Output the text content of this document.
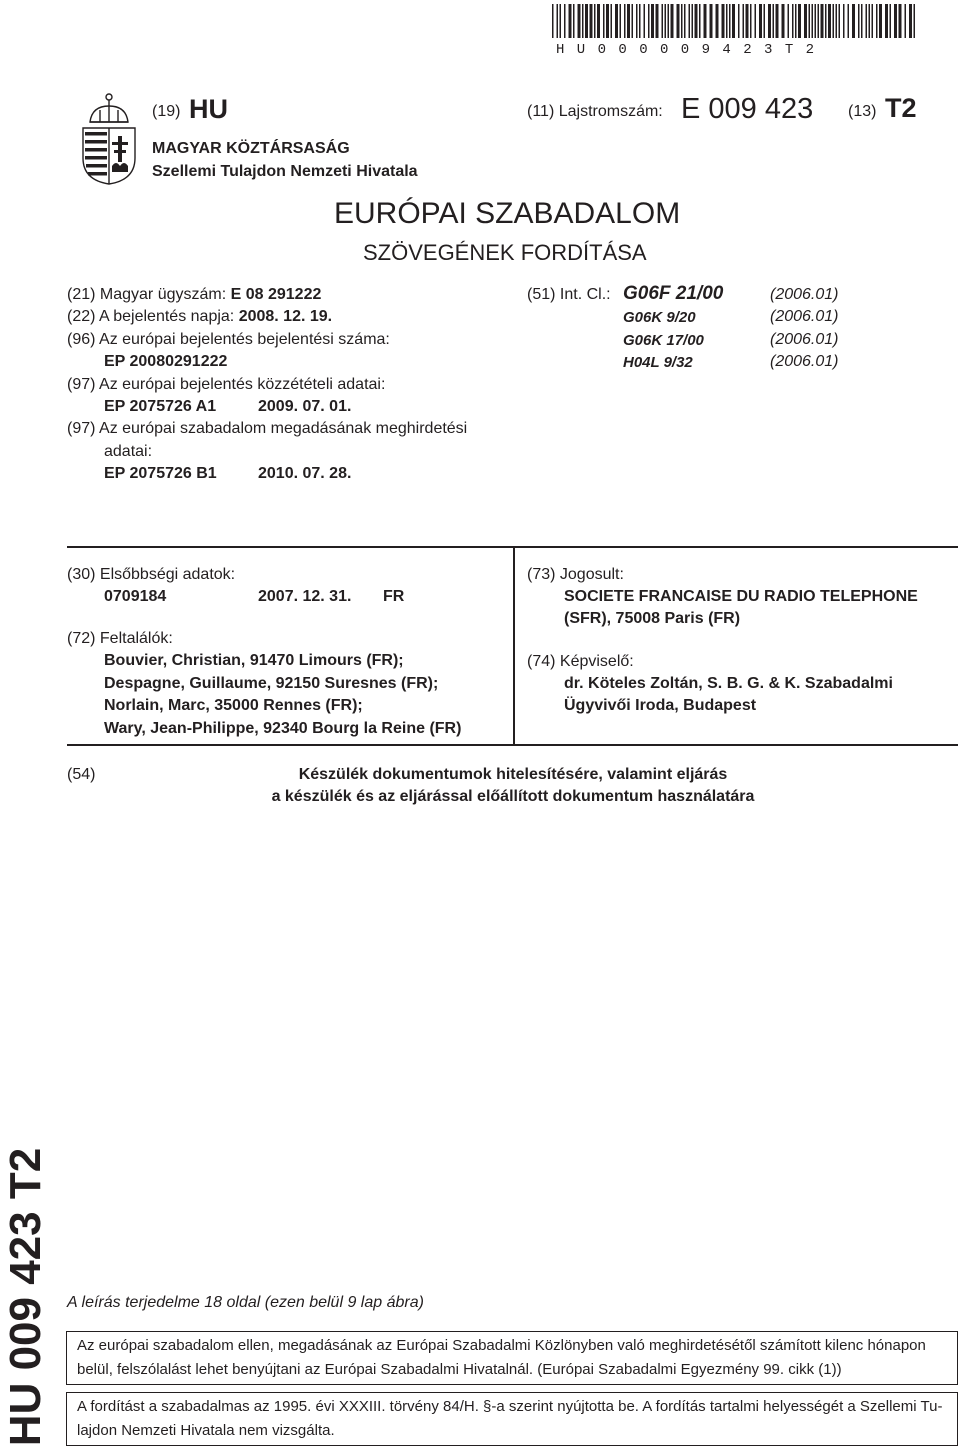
HU000009423T2
(19) HU	(11) Lajstromszám: E 009 423 (13) T2
MAGYAR KÖZTÁRSASÁG
Szellemi Tulajdon Nemzeti Hivatala
EURÓPAI SZABADALOM
SZÖVEGÉNEK FORDÍTÁSA
(21) Magyar ügyszám: E 08 291222
(22) A bejelentés napja: 2008. 12. 19.
(96) Az európai bejelentés bejelentési száma:
EP 20080291222
(97) Az európai bejelentés közzétételi adatai:
EP 2075726 A1	2009. 07. 01.
(97) Az európai szabadalom megadásának meghirdetési
adatai:
EP 2075726 B1	2010. 07. 28.
(51) Int. Cl.: G06F 21/00	(2006.01)
G06K 9/20	(2006.01)
G06K 17/00	(2006.01)
H04L 9/32	(2006.01)
(30) Elsőbbségi adatok:
0709184	2007. 12. 31. FR
(72) Feltalálók:
Bouvier, Christian, 91470 Limours (FR);
Despagne, Guillaume, 92150 Suresnes (FR);
Norlain, Marc, 35000 Rennes (FR);
Wary, Jean-Philippe, 92340 Bourg la Reine (FR)
(73) Jogosult:
SOCIETE FRANCAISE DU RADIO TELEPHONE
(SFR), 75008 Paris (FR)
(74) Képviselő:
dr. Köteles Zoltán, S. B. G. & K. Szabadalmi
Ügyvivői Iroda, Budapest
(54)	Készülék dokumentumok hitelesítésére, valamint eljárás
a készülék és az eljárással előállított dokumentum használatára
HU 009 423 T2 A leírás terjedelme 18 oldal (ezen belül 9 lap ábra)
Az európai szabadalom ellen, megadásának az Európai Szabadalmi Közlönyben való meghirdetésétől számított kilenc hónapon
belül, felszólalást lehet benyújtani az Európai Szabadalmi Hivatalnál. (Európai Szabadalmi Egyezmény 99. cikk (1))
A fordítást a szabadalmas az 1995. évi XXXIII. törvény 84/H. §-a szerint nyújtotta be. A fordítás tartalmi helyességét a Szellemi Tu-
lajdon Nemzeti Hivatala nem vizsgálta.
